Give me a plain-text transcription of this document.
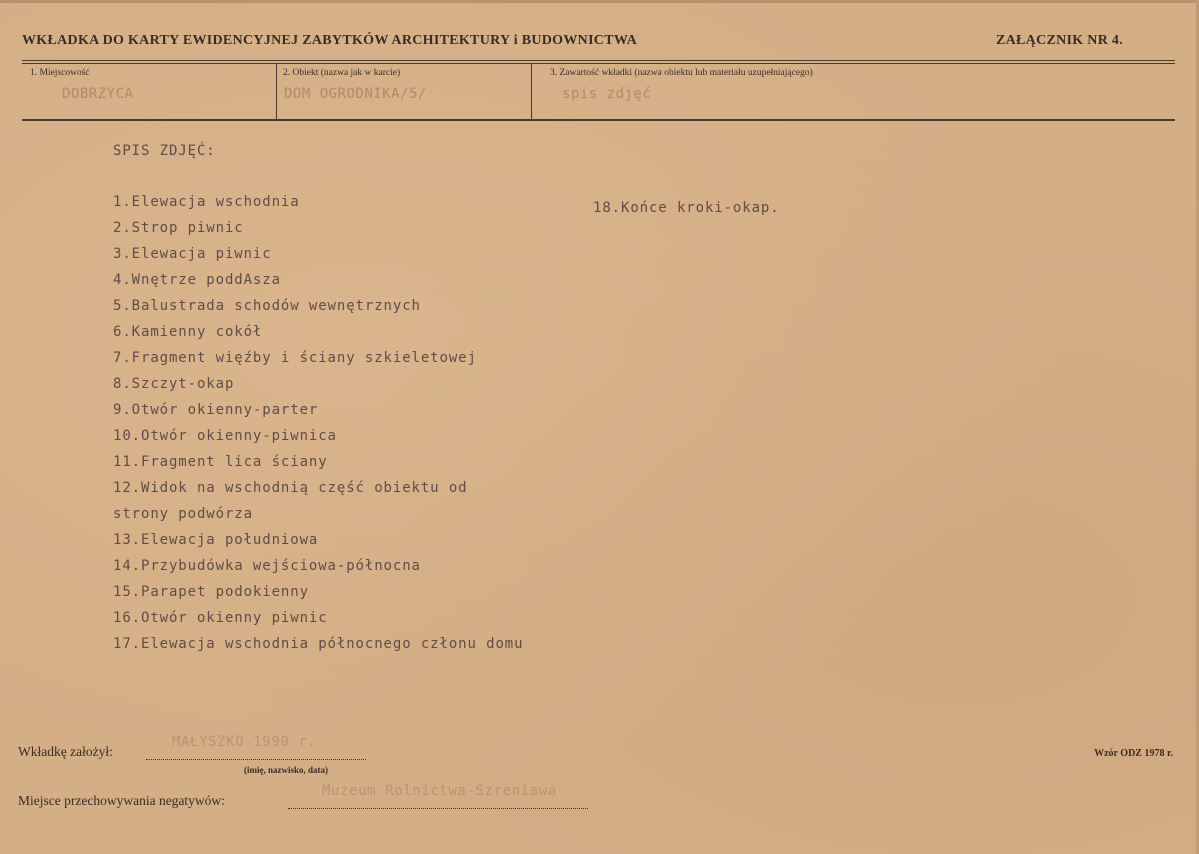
WKŁADKA DO KARTY EWIDENCYJNEJ ZABYTKÓW ARCHITEKTURY i BUDOWNICTWA	ZAŁĄCZNIK NR 4.
1. Miejscowość
DOBRZYCA
2. Obiekt (nazwa jak w karcie)
DOM OGRODNIKA/5/
3. Zawartość wkładki (nazwa obiektu lub materiału uzupełniającego)
spis zdjęć
SPIS ZDJĘĆ:
1.Elewacja wschodnia
2.Strop piwnic
3.Elewacja piwnic
4.Wnętrze poddAsza
5.Balustrada schodów wewnętrznych
6.Kamienny cokół
7.Fragment więźby i ściany szkieletowej
8.Szczyt-okap
9.Otwór okienny-parter
10.Otwór okienny-piwnica
11.Fragment lica ściany
12.Widok na wschodnią część obiektu od
strony podwórza
13.Elewacja południowa
14.Przybudówka wejściowa-północna
15.Parapet podokienny
16.Otwór okienny piwnic
17.Elewacja wschodnia północnego członu domu
18.Końce kroki-okap.
Wkładkę założył:
MAŁYSZKO 1990 r.
(imię, nazwisko, data)
Miejsce przechowywania negatywów:
Muzeum Rolnictwa-Szreniawa
Wzór ODZ 1978 r.
